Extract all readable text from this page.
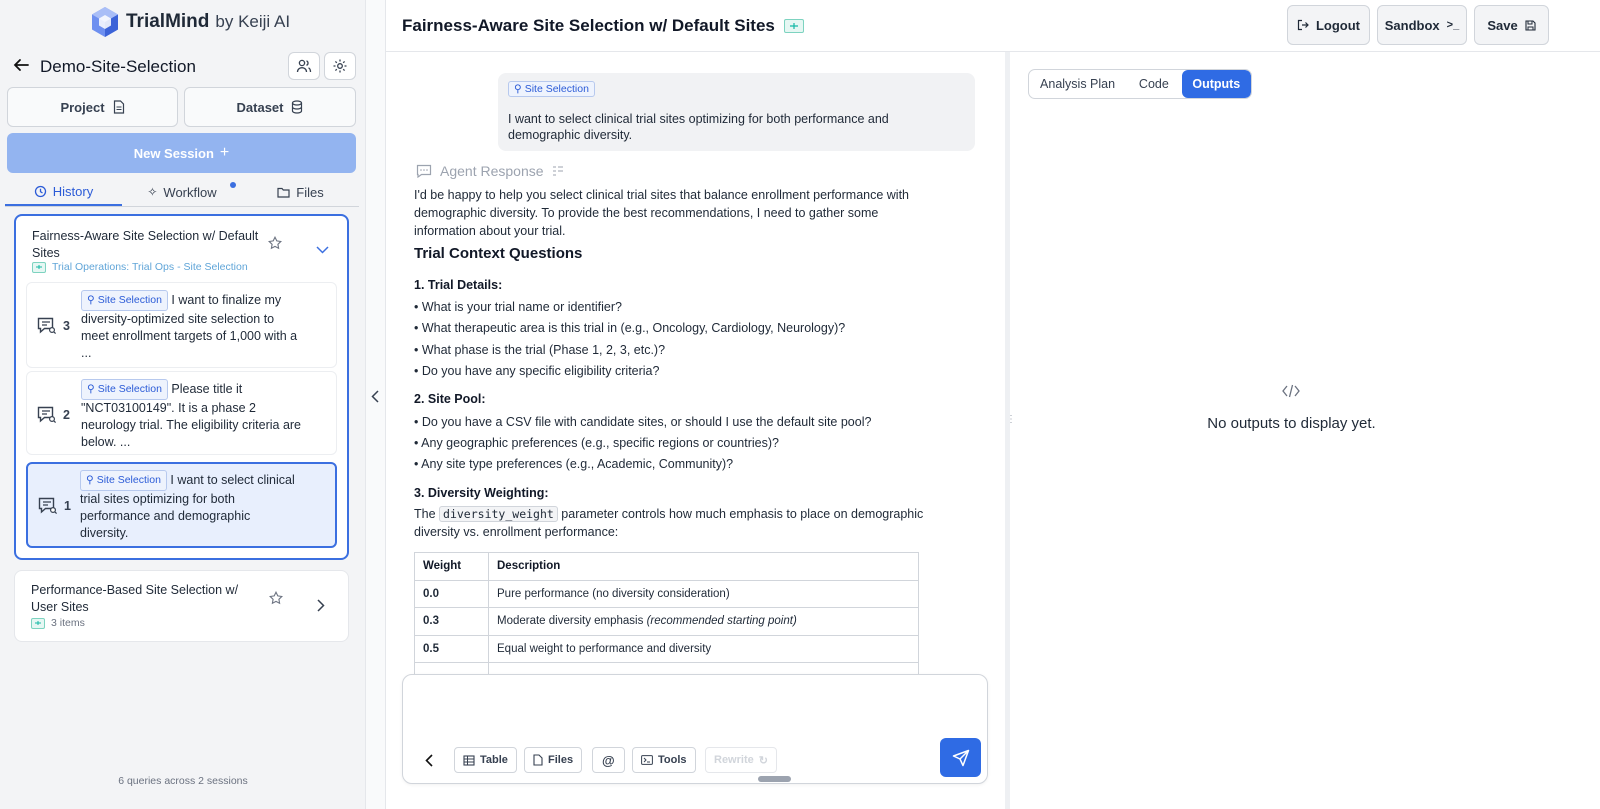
TrialMind by Keiji AI
Demo-Site-Selection
Project	Dataset
New Session +
History	✧ Workflow	Files
Fairness-Aware Site Selection w/ Default Sites
Trial Operations: Trial Ops - Site Selection
3
⚲ Site Selection I want to finalize my diversity-optimized site selection to meet enrollment targets of 1,000 with a ...
2
⚲ Site Selection Please title it "NCT03100149". It is a phase 2 neurology trial. The eligibility criteria are below. ...
1
⚲ Site Selection I want to select clinical trial sites optimizing for both performance and demographic diversity.
Performance-Based Site Selection w/ User Sites
3 items
6 queries across 2 sessions
Fairness-Aware Site Selection w/ Default Sites	Logout Sandbox >_ Save
⚲ Site Selection
I want to select clinical trial sites optimizing for both performance and demographic diversity.
Agent Response
I'd be happy to help you select clinical trial sites that balance enrollment performance with demographic diversity. To provide the best recommendations, I need to gather some information about your trial.
Trial Context Questions
1. Trial Details:
• What is your trial name or identifier?
• What therapeutic area is this trial in (e.g., Oncology, Cardiology, Neurology)?
• What phase is the trial (Phase 1, 2, 3, etc.)?
• Do you have any specific eligibility criteria?
2. Site Pool:
• Do you have a CSV file with candidate sites, or should I use the default site pool?
• Any geographic preferences (e.g., specific regions or countries)?
• Any site type preferences (e.g., Academic, Community)?
3. Diversity Weighting:
The diversity_weight parameter controls how much emphasis to place on demographic diversity vs. enrollment performance:
Weight	Description
0.0	Pure performance (no diversity consideration)
0.3	Moderate diversity emphasis (recommended starting point)
0.5	Equal weight to performance and diversity

Table	Files @	Tools Rewrite ↻
⋮
Analysis Plan	Code	Outputs
No outputs to display yet.
